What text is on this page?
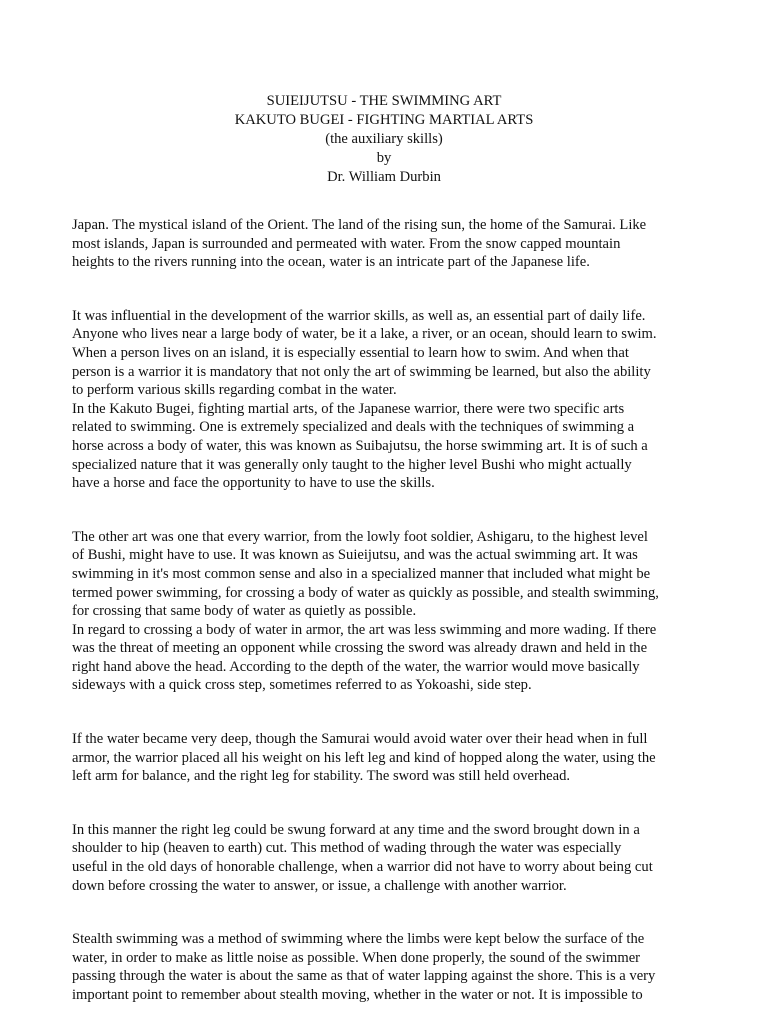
SUIEIJUTSU - THE SWIMMING ART
KAKUTO BUGEI - FIGHTING MARTIAL ARTS
(the auxiliary skills)
by
Dr. William Durbin
Japan. The mystical island of the Orient. The land of the rising sun, the home of the Samurai. Like
most islands, Japan is surrounded and permeated with water. From the snow capped mountain
heights to the rivers running into the ocean, water is an intricate part of the Japanese life.
It was influential in the development of the warrior skills, as well as, an essential part of daily life.
Anyone who lives near a large body of water, be it a lake, a river, or an ocean, should learn to swim.
When a person lives on an island, it is especially essential to learn how to swim. And when that
person is a warrior it is mandatory that not only the art of swimming be learned, but also the ability
to perform various skills regarding combat in the water.
In the Kakuto Bugei, fighting martial arts, of the Japanese warrior, there were two specific arts
related to swimming. One is extremely specialized and deals with the techniques of swimming a
horse across a body of water, this was known as Suibajutsu, the horse swimming art. It is of such a
specialized nature that it was generally only taught to the higher level Bushi who might actually
have a horse and face the opportunity to have to use the skills.
The other art was one that every warrior, from the lowly foot soldier, Ashigaru, to the highest level
of Bushi, might have to use. It was known as Suieijutsu, and was the actual swimming art. It was
swimming in it's most common sense and also in a specialized manner that included what might be
termed power swimming, for crossing a body of water as quickly as possible, and stealth swimming,
for crossing that same body of water as quietly as possible.
In regard to crossing a body of water in armor, the art was less swimming and more wading. If there
was the threat of meeting an opponent while crossing the sword was already drawn and held in the
right hand above the head. According to the depth of the water, the warrior would move basically
sideways with a quick cross step, sometimes referred to as Yokoashi, side step.
If the water became very deep, though the Samurai would avoid water over their head when in full
armor, the warrior placed all his weight on his left leg and kind of hopped along the water, using the
left arm for balance, and the right leg for stability. The sword was still held overhead.
In this manner the right leg could be swung forward at any time and the sword brought down in a
shoulder to hip (heaven to earth) cut. This method of wading through the water was especially
useful in the old days of honorable challenge, when a warrior did not have to worry about being cut
down before crossing the water to answer, or issue, a challenge with another warrior.
Stealth swimming was a method of swimming where the limbs were kept below the surface of the
water, in order to make as little noise as possible. When done properly, the sound of the swimmer
passing through the water is about the same as that of water lapping against the shore. This is a very
important point to remember about stealth moving, whether in the water or not. It is impossible to
